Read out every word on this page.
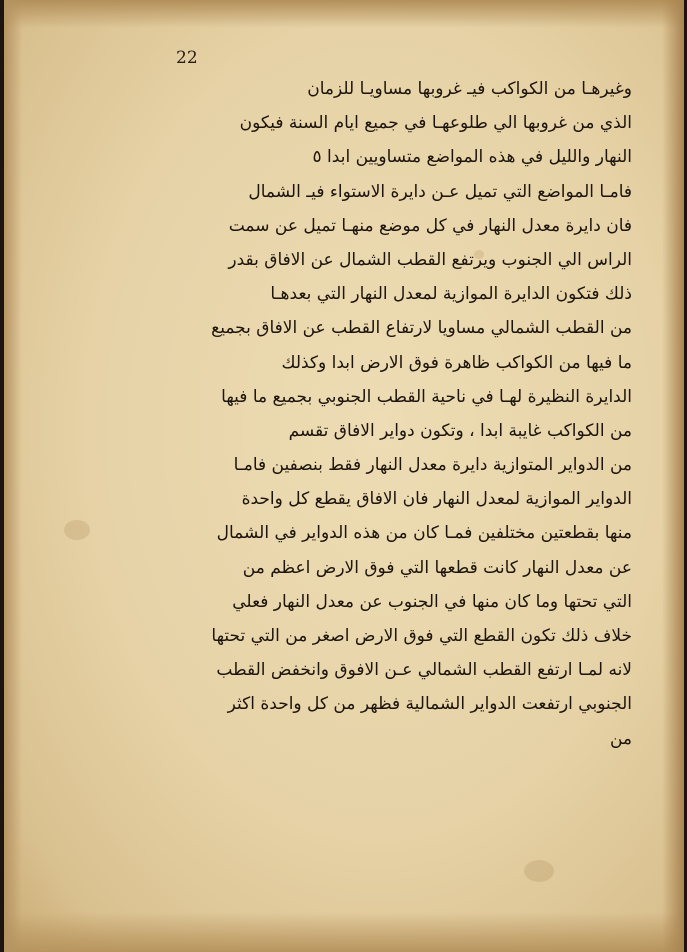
22
وغيرهـا من الكواكب فيـ غروبها مساويـا للزمان
الذي من غروبها الي طلوعهـا في جميع ايام السنة فيكون
النهار والليل في هذه المواضع متساويين ابدا ٥
فامـا المواضع التي تميل عـن دايرة الاستواء فيـ الشمال
فان دايرة معدل النهار في كل موضع منهـا تميل عن سمت
الراس الي الجنوب ويرتفع القطب الشمال عن الافاق بقدر
ذلك فتكون الدايرة الموازية لمعدل النهار التي بعدهـا
من القطب الشمالي مساويا لارتفاع القطب عن الافاق بجميع
ما فيها من الكواكب ظاهرة فوق الارض ابدا وكذلك
الدايرة النظيرة لهـا في ناحية القطب الجنوبي بجميع ما فيها
من الكواكب غايبة ابدا ، وتكون دواير الافاق تقسم
من الدواير المتوازية دايرة معدل النهار فقط بنصفين فامـا
الدواير الموازية لمعدل النهار فان الافاق يقطع كل واحدة
منها بقطعتين مختلفين فمـا كان من هذه الدواير في الشمال
عن معدل النهار كانت قطعها التي فوق الارض اعظم من
التي تحتها وما كان منها في الجنوب عن معدل النهار فعلي
خلاف ذلك تكون القطع التي فوق الارض اصغر من التي تحتها
لانه لمـا ارتفع القطب الشمالي عـن الافوق وانخفض القطب
الجنوبي ارتفعت الدواير الشمالية فظهر من كل واحدة اكثر
من
